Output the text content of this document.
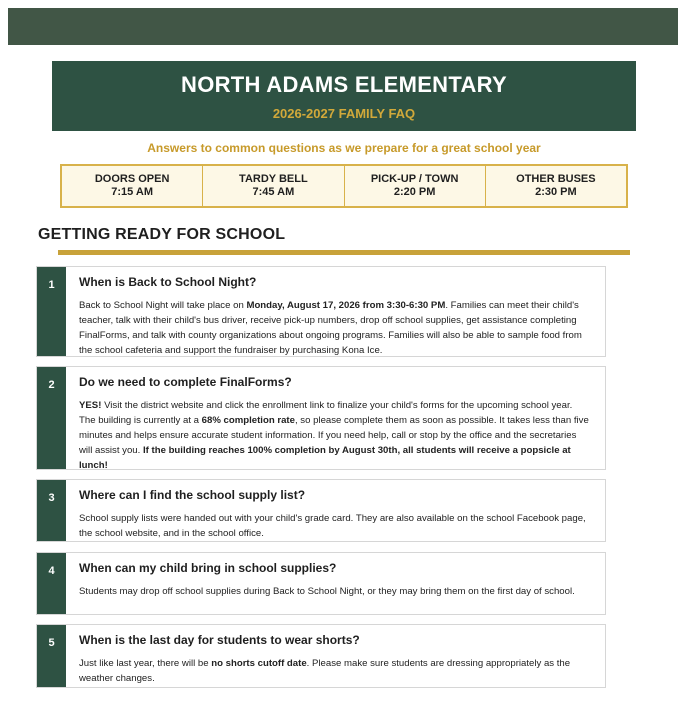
NORTH ADAMS ELEMENTARY
2026-2027 FAMILY FAQ
Answers to common questions as we prepare for a great school year
DOORS OPEN
7:15 AM
TARDY BELL
7:45 AM
PICK-UP / TOWN
2:20 PM
OTHER BUSES
2:30 PM
GETTING READY FOR SCHOOL
1	When is Back to School Night?
Back to School Night will take place on Monday, August 17, 2026 from 3:30-6:30 PM. Families can meet their child's teacher, talk with their child's bus driver, receive pick-up numbers, drop off school supplies, get assistance completing FinalForms, and talk with county organizations about ongoing programs. Families will also be able to sample food from the school cafeteria and support the fundraiser by purchasing Kona Ice.
2	Do we need to complete FinalForms?
YES! Visit the district website and click the enrollment link to finalize your child's forms for the upcoming school year. The building is currently at a 68% completion rate, so please complete them as soon as possible. It takes less than five minutes and helps ensure accurate student information. If you need help, call or stop by the office and the secretaries will assist you. If the building reaches 100% completion by August 30th, all students will receive a popsicle at lunch!
3	Where can I find the school supply list?
School supply lists were handed out with your child's grade card. They are also available on the school Facebook page, the school website, and in the school office.
4	When can my child bring in school supplies?
Students may drop off school supplies during Back to School Night, or they may bring them on the first day of school.
5	When is the last day for students to wear shorts?
Just like last year, there will be no shorts cutoff date. Please make sure students are dressing appropriately as the weather changes.
